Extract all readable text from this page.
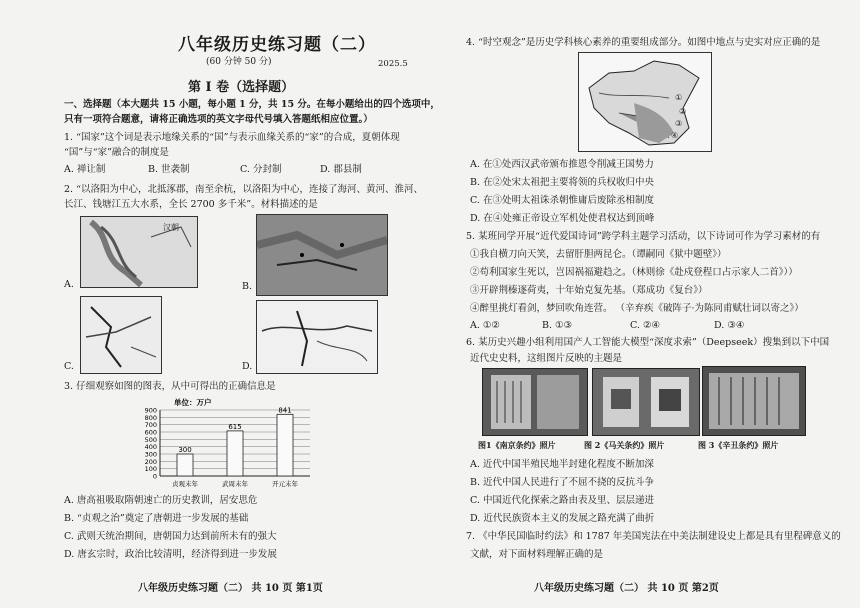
八年级历史练习题（二）
(60 分钟 50 分)	2025.5
第 Ⅰ 卷（选择题）
一、选择题（本大题共 15 小题，每小题 1 分，共 15 分。在每小题给出的四个选项中，
只有一项符合题意，请将正确选项的英文字母代号填入答题纸相应位置。）
1. “国家”这个词是表示地缘关系的“国”与表示血缘关系的“家”的合成，夏朝体现
“国”与“家”融合的制度是
A. 禅让制	B. 世袭制	C. 分封制	D. 郡县制
2. “以洛阳为中心，北抵涿郡，南至余杭，以洛阳为中心，连接了海河、黄河、淮河、
长江、钱塘江五大水系，全长 2700 多千米”。材料描述的是
汉朝
A.	B.
C.	D.
3. 仔细观察如图的图表，从中可得出的正确信息是
单位：万户
0
100
200
300
400
500
600
700
800
900
300
贞观末年
615
武周末年
841
开元末年
A. 唐高祖吸取隋朝速亡的历史教训，居安思危
B. “贞观之治”奠定了唐朝进一步发展的基础
C. 武则天统治期间，唐朝国力达到前所未有的强大
D. 唐玄宗时，政治比较清明，经济得到进一步发展
八年级历史练习题（二） 共 10 页 第1页
4. “时空观念”是历史学科核心素养的重要组成部分。如图中地点与史实对应正确的是
①
②
③
④
A. 在①处西汉武帝颁布推恩令削减王国势力
B. 在②处宋太祖把主要将领的兵权收归中央
C. 在③处明太祖诛杀朝惟庸后废除丞相制度
D. 在④处雍正帝设立军机处使君权达到顶峰
5. 某班同学开展“近代爱国诗词”跨学科主题学习活动，以下诗词可作为学习素材的有
①我自横刀向天笑，去留肝胆两昆仑。（谭嗣同《狱中题壁》）
②苟利国家生死以，岂因祸福避趋之。（林则徐《赴戍登程口占示家人二首》））
③开辟荆榛逐荷夷，十年始克复先基。（郑成功《复台》）
④醉里挑灯看剑，梦回吹角连营。 （辛弃疾《破阵子·为陈同甫赋壮词以寄之》）
A. ①②	B. ①③	C. ②④	D. ③④
6. 某历史兴趣小组利用国产人工智能大模型“深度求索”（Deepseek）搜集到以下中国
近代史史料，这组图片反映的主题是
图1《南京条约》照片	图 2《马关条约》照片	图 3《辛丑条约》照片
A. 近代中国半殖民地半封建化程度不断加深
B. 近代中国人民进行了不屈不挠的反抗斗争
C. 中国近代化探索之路由表及里、层层递进
D. 近代民族资本主义的发展之路充满了曲折
7. 《中华民国临时约法》和 1787 年美国宪法在中美法制建设史上都是具有里程碑意义的
文献，对下面材料理解正确的是
八年级历史练习题（二） 共 10 页 第2页
